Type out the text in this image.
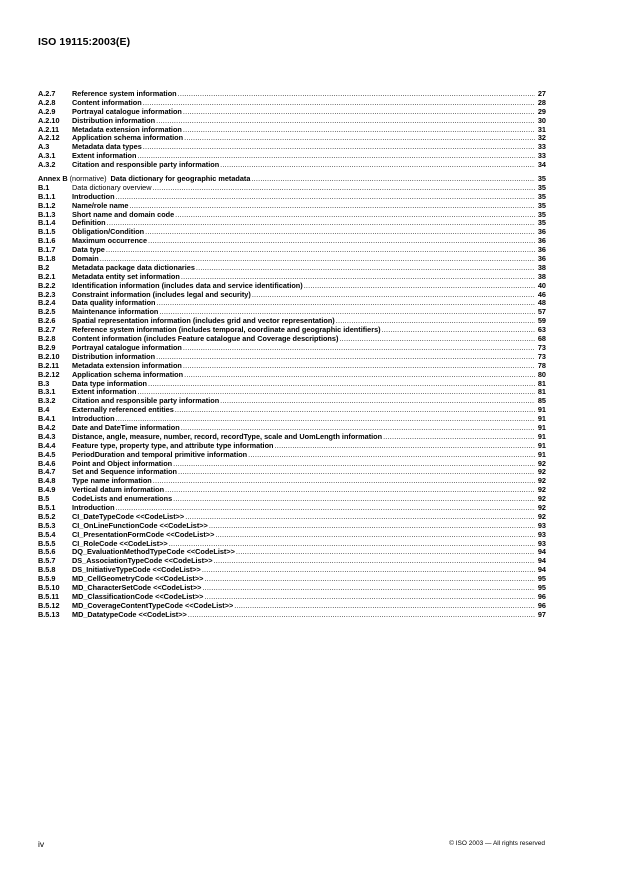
ISO 19115:2003(E)
A.2.7	Reference system information .....	27
A.2.8	Content information .....	28
A.2.9	Portrayal catalogue information .....	29
A.2.10	Distribution information .....	30
A.2.11	Metadata extension information .....	31
A.2.12	Application schema information .....	32
A.3	Metadata data types .....	33
A.3.1	Extent information .....	33
A.3.2	Citation and responsible party information .....	34
Annex B (normative) Data dictionary for geographic metadata .....	35
B.1	Data dictionary overview .....	35
B.1.1	Introduction .....	35
B.1.2	Name/role name .....	35
B.1.3	Short name and domain code .....	35
B.1.4	Definition .....	35
B.1.5	Obligation/Condition .....	36
B.1.6	Maximum occurrence .....	36
B.1.7	Data type .....	36
B.1.8	Domain .....	36
B.2	Metadata package data dictionaries .....	38
B.2.1	Metadata entity set information .....	38
B.2.2	Identification information (includes data and service identification) .....	40
B.2.3	Constraint information (includes legal and security) .....	46
B.2.4	Data quality information .....	48
B.2.5	Maintenance information .....	57
B.2.6	Spatial representation information (includes grid and vector representation) .....	59
B.2.7	Reference system information (includes temporal, coordinate and geographic identifiers) .....	63
B.2.8	Content information (includes Feature catalogue and Coverage descriptions) .....	68
B.2.9	Portrayal catalogue information .....	73
B.2.10	Distribution information .....	73
B.2.11	Metadata extension information .....	78
B.2.12	Application schema information .....	80
B.3	Data type information .....	81
B.3.1	Extent information .....	81
B.3.2	Citation and responsible party information .....	85
B.4	Externally referenced entities .....	91
B.4.1	Introduction .....	91
B.4.2	Date and DateTime information .....	91
B.4.3	Distance, angle, measure, number, record, recordType, scale and UomLength information .....	91
B.4.4	Feature type, property type, and attribute type information .....	91
B.4.5	PeriodDuration and temporal primitive information .....	91
B.4.6	Point and Object information .....	92
B.4.7	Set and Sequence information .....	92
B.4.8	Type name information .....	92
B.4.9	Vertical datum information .....	92
B.5	CodeLists and enumerations .....	92
B.5.1	Introduction .....	92
B.5.2	CI_DateTypeCode <<CodeList>> .....	92
B.5.3	CI_OnLineFunctionCode <<CodeList>> .....	93
B.5.4	CI_PresentationFormCode <<CodeList>> .....	93
B.5.5	CI_RoleCode <<CodeList>> .....	93
B.5.6	DQ_EvaluationMethodTypeCode <<CodeList>> .....	94
B.5.7	DS_AssociationTypeCode <<CodeList>> .....	94
B.5.8	DS_InitiativeTypeCode <<CodeList>> .....	94
B.5.9	MD_CellGeometryCode <<CodeList>> .....	95
B.5.10	MD_CharacterSetCode <<CodeList>> .....	95
B.5.11	MD_ClassificationCode <<CodeList>> .....	96
B.5.12	MD_CoverageContentTypeCode <<CodeList>> .....	96
B.5.13	MD_DatatypeCode <<CodeList>> .....	97
iv	© ISO 2003 — All rights reserved
